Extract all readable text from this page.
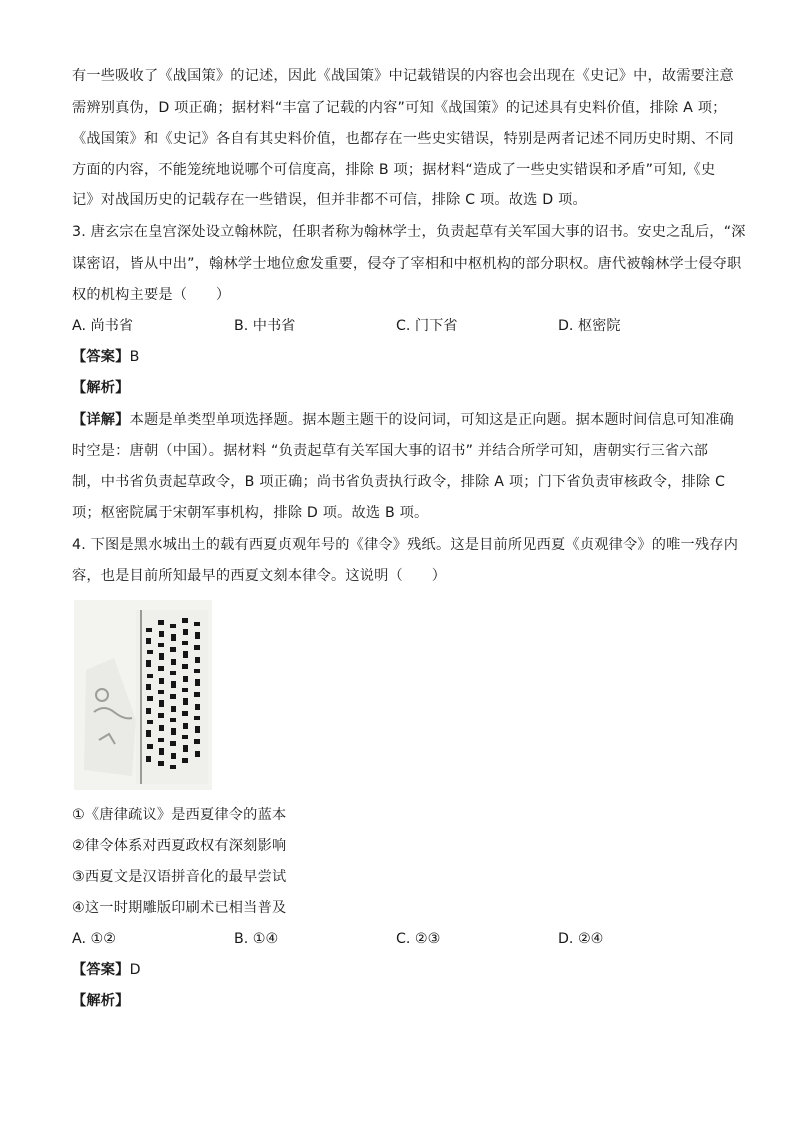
有一些吸收了《战国策》的记述，因此《战国策》中记载错误的内容也会出现在《史记》中，故需要注意
需辨别真伪，D 项正确；据材料“丰富了记载的内容”可知《战国策》的记述具有史料价值，排除 A 项；
《战国策》和《史记》各自有其史料价值，也都存在一些史实错误，特别是两者记述不同历史时期、不同
方面的内容，不能笼统地说哪个可信度高，排除 B 项；据材料“造成了一些史实错误和矛盾”可知,《史
记》对战国历史的记载存在一些错误，但并非都不可信，排除 C 项。故选 D 项。
3. 唐玄宗在皇宫深处设立翰林院，任职者称为翰林学士，负责起草有关军国大事的诏书。安史之乱后，“深
谋密诏，皆从中出”，翰林学士地位愈发重要，侵夺了宰相和中枢机构的部分职权。唐代被翰林学士侵夺职
权的机构主要是（　　）
A. 尚书省	B. 中书省	C. 门下省	D. 枢密院
【答案】B
【解析】
【详解】本题是单类型单项选择题。据本题主题干的设问词，可知这是正向题。据本题时间信息可知准确
时空是：唐朝（中国）。据材料 “负责起草有关军国大事的诏书” 并结合所学可知，唐朝实行三省六部
制，中书省负责起草政令，B 项正确；尚书省负责执行政令，排除 A 项；门下省负责审核政令，排除 C
项；枢密院属于宋朝军事机构，排除 D 项。故选 B 项。
4. 下图是黑水城出土的载有西夏贞观年号的《律令》残纸。这是目前所见西夏《贞观律令》的唯一残存内
容，也是目前所知最早的西夏文刻本律令。这说明（　　）
①《唐律疏议》是西夏律令的蓝本
②律令体系对西夏政权有深刻影响
③西夏文是汉语拼音化的最早尝试
④这一时期雕版印刷术已相当普及
A. ①②	B. ①④	C. ②③	D. ②④
【答案】D
【解析】
